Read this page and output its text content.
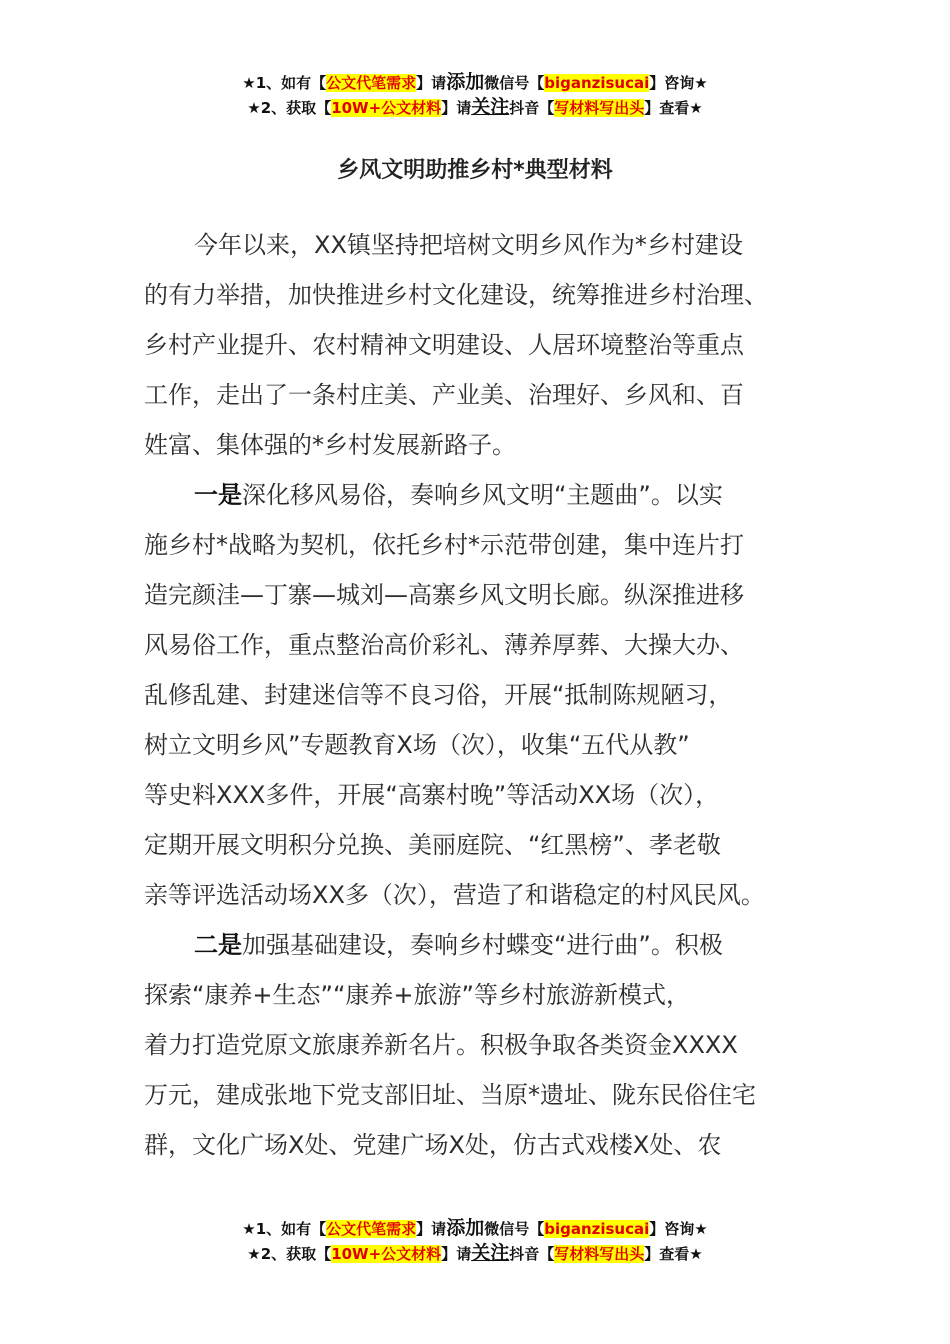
★1、如有【公文代笔需求】请添加微信号【biganzisucai】咨询★
★2、获取【10W+公文材料】请关注抖音【写材料写出头】查看★
乡风文明助推乡村*典型材料
今年以来，XX镇坚持把培树文明乡风作为*乡村建设
的有力举措，加快推进乡村文化建设，统筹推进乡村治理、
乡村产业提升、农村精神文明建设、人居环境整治等重点
工作，走出了一条村庄美、产业美、治理好、乡风和、百
姓富、集体强的*乡村发展新路子。
一是深化移风易俗，奏响乡风文明“主题曲”。以实
施乡村*战略为契机，依托乡村*示范带创建，集中连片打
造完颜洼—丁寨—城刘—高寨乡风文明长廊。纵深推进移
风易俗工作，重点整治高价彩礼、薄养厚葬、大操大办、
乱修乱建、封建迷信等不良习俗，开展“抵制陈规陋习，
树立文明乡风”专题教育X场（次），收集“五代从教”
等史料XXX多件，开展“高寨村晚”等活动XX场（次），
定期开展文明积分兑换、美丽庭院、“红黑榜”、孝老敬
亲等评选活动场XX多（次），营造了和谐稳定的村风民风。
二是加强基础建设，奏响乡村蝶变“进行曲”。积极
探索“康养+生态”“康养+旅游”等乡村旅游新模式，
着力打造党原文旅康养新名片。积极争取各类资金XXXX
万元，建成张地下党支部旧址、当原*遗址、陇东民俗住宅
群，文化广场X处、党建广场X处，仿古式戏楼X处、农
★1、如有【公文代笔需求】请添加微信号【biganzisucai】咨询★
★2、获取【10W+公文材料】请关注抖音【写材料写出头】查看★
